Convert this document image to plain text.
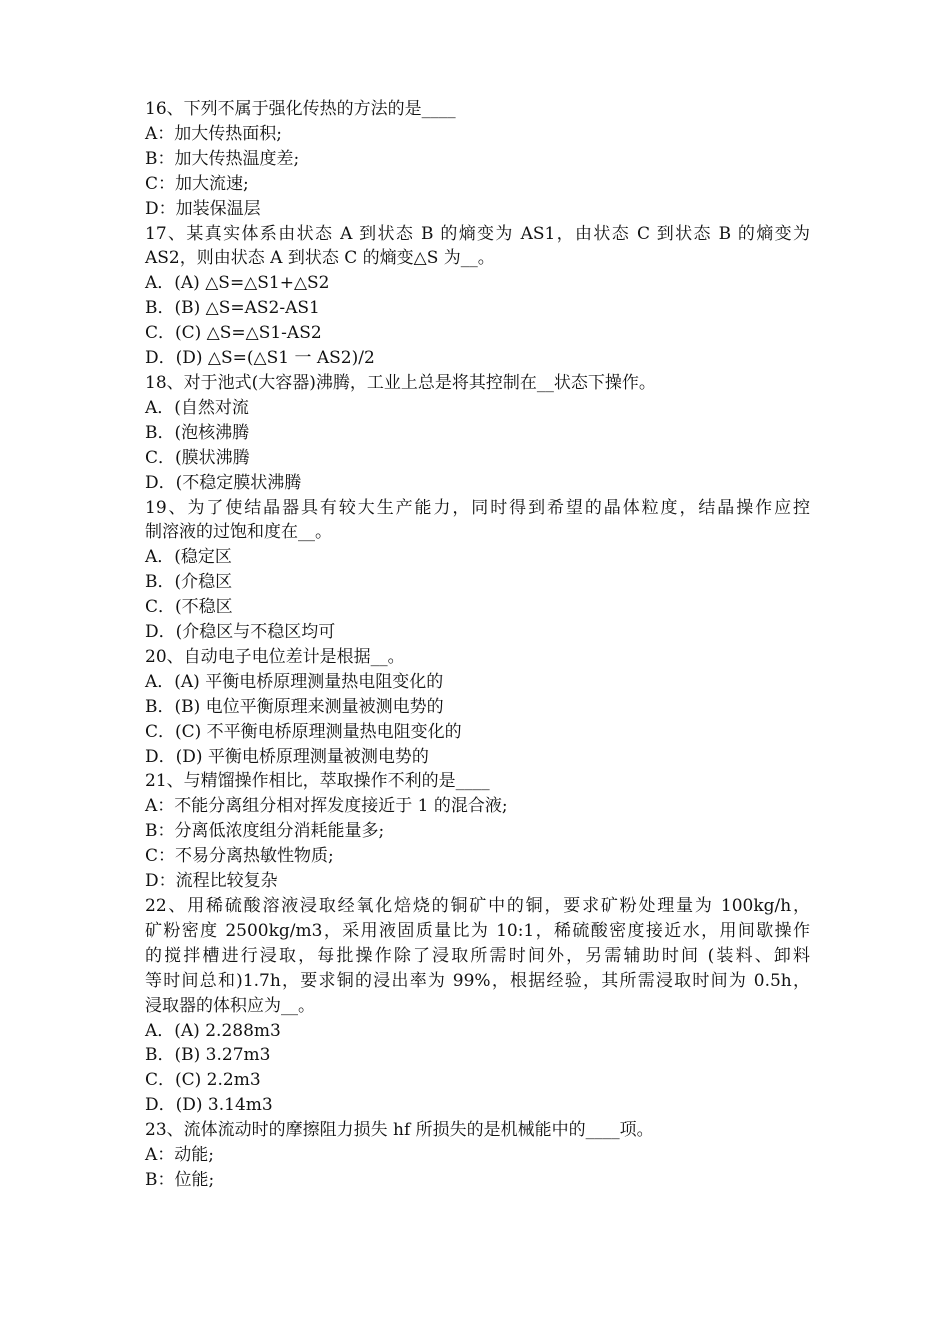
16、下列不属于强化传热的方法的是____
A：加大传热面积;
B：加大传热温度差;
C：加大流速;
D：加装保温层
17、某真实体系由状态 A 到状态 B 的熵变为 AS1，由状态 C 到状态 B 的熵变为
AS2，则由状态 A 到状态 C 的熵变△S 为__。
A．(A) △S=△S1+△S2
B．(B) △S=AS2-AS1
C．(C) △S=△S1-AS2
D．(D) △S=(△S1 一 AS2)/2
18、对于池式(大容器)沸腾，工业上总是将其控制在__状态下操作。
A．(自然对流
B．(泡核沸腾
C．(膜状沸腾
D．(不稳定膜状沸腾
19、为了使结晶器具有较大生产能力，同时得到希望的晶体粒度，结晶操作应控
制溶液的过饱和度在__。
A．(稳定区
B．(介稳区
C．(不稳区
D．(介稳区与不稳区均可
20、自动电子电位差计是根据__。
A．(A) 平衡电桥原理测量热电阻变化的
B．(B) 电位平衡原理来测量被测电势的
C．(C) 不平衡电桥原理测量热电阻变化的
D．(D) 平衡电桥原理测量被测电势的
21、与精馏操作相比，萃取操作不利的是____
A：不能分离组分相对挥发度接近于 1 的混合液;
B：分离低浓度组分消耗能量多;
C：不易分离热敏性物质;
D：流程比较复杂
22、用稀硫酸溶液浸取经氧化焙烧的铜矿中的铜，要求矿粉处理量为 100kg/h，
矿粉密度 2500kg/m3，采用液固质量比为 10:1，稀硫酸密度接近水，用间歇操作
的搅拌槽进行浸取，每批操作除了浸取所需时间外，另需辅助时间 (装料、卸料
等时间总和)1.7h，要求铜的浸出率为 99%，根据经验，其所需浸取时间为 0.5h，
浸取器的体积应为__。
A．(A) 2.288m3
B．(B) 3.27m3
C．(C) 2.2m3
D．(D) 3.14m3
23、流体流动时的摩擦阻力损失 hf 所损失的是机械能中的____项。
A：动能;
B：位能;
